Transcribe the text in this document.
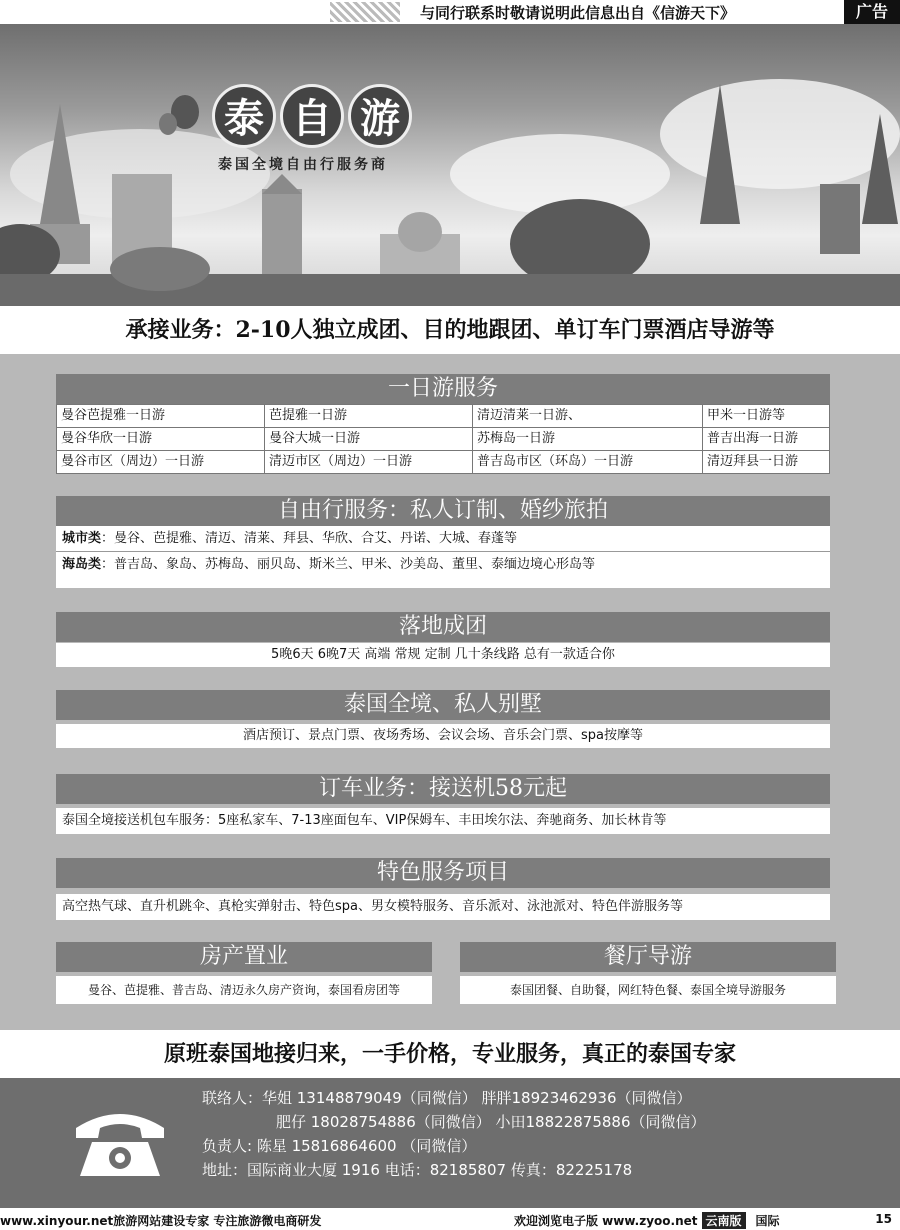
与同行联系时敬请说明此信息出自《信游天下》	广告
泰 自 游
泰国全境自由行服务商
承接业务：2-10人独立成团、目的地跟团、单订车门票酒店导游等
一日游服务
曼谷芭提雅一日游	芭提雅一日游	清迈清莱一日游、	甲米一日游等
曼谷华欣一日游	曼谷大城一日游	苏梅岛一日游	普吉出海一日游
曼谷市区（周边）一日游	清迈市区（周边）一日游	普吉岛市区（环岛）一日游	清迈拜县一日游
自由行服务：私人订制、婚纱旅拍
城市类：曼谷、芭提雅、清迈、清莱、拜县、华欣、合艾、丹诺、大城、春蓬等
海岛类：普吉岛、象岛、苏梅岛、丽贝岛、斯米兰、甲米、沙美岛、董里、泰缅边境心形岛等
落地成团
5晚6天 6晚7天 高端 常规 定制 几十条线路 总有一款适合你
泰国全境、私人别墅
酒店预订、景点门票、夜场秀场、会议会场、音乐会门票、spa按摩等
订车业务：接送机58元起
泰国全境接送机包车服务：5座私家车、7-13座面包车、VIP保姆车、丰田埃尔法、奔驰商务、加长林肯等
特色服务项目
高空热气球、直升机跳伞、真枪实弹射击、特色spa、男女模特服务、音乐派对、泳池派对、特色伴游服务等
房产置业
曼谷、芭提雅、普吉岛、清迈永久房产资询，泰国看房团等
餐厅导游
泰国团餐、自助餐，网红特色餐、泰国全境导游服务
原班泰国地接归来，一手价格，专业服务，真正的泰国专家
联络人：华姐 13148879049（同微信） 胖胖18923462936（同微信）
肥仔 18028754886（同微信） 小田18822875886（同微信）
负责人: 陈星 15816864600 （同微信）
地址：国际商业大厦 1916 电话：82185807 传真：82225178
www.xinyour.net旅游网站建设专家 专注旅游微电商研发	欢迎浏览电子版 www.zyoo.net 云南版 国际	15
